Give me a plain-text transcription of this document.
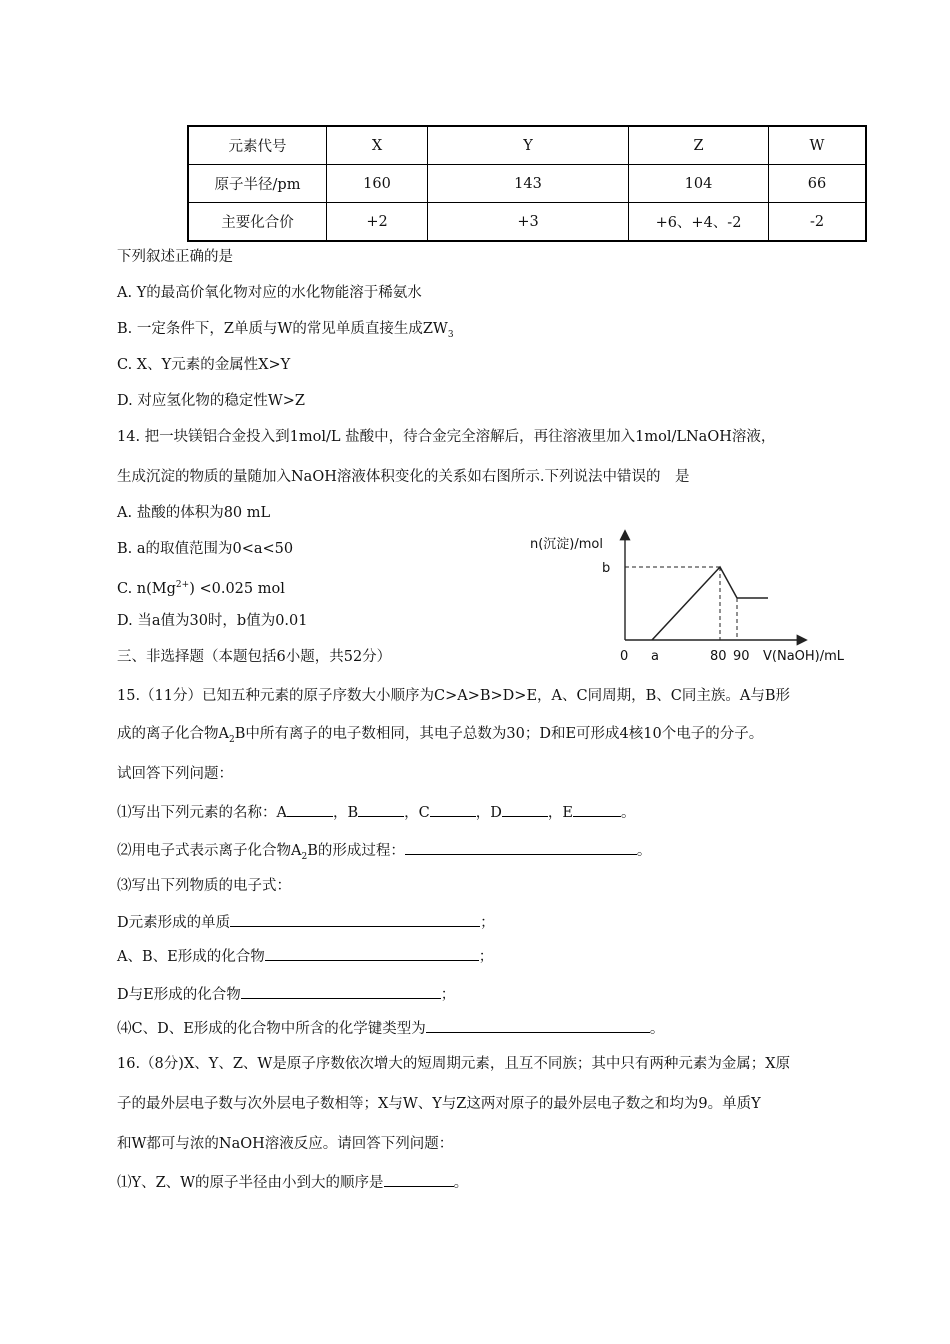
元素代号	X	Y	Z	W
原子半径/pm	160	143	104	66
主要化合价	+2	+3	+6、+4、-2	-2
下列叙述正确的是
A. Y的最高价氧化物对应的水化物能溶于稀氨水
B. 一定条件下，Z单质与W的常见单质直接生成$ZW_3$
C. X、Y元素的金属性X>Y
D. 对应氢化物的稳定性W>Z
14. 把一块镁铝合金投入到1mol/L 盐酸中，待合金完全溶解后，再往溶液里加入1mol/LNaOH溶液，
生成沉淀的物质的量随加入NaOH溶液体积变化的关系如右图所示.下列说法中错误的　是
A. 盐酸的体积为80 mL
B. a的取值范围为0<a<50
C. $n(Mg^{2+}) <0.025$ mol
D. 当a值为30时，b值为0.01
三、非选择题（本题包括6小题，共52分）
n(沉淀)/mol
b
0 a	80 90 V(NaOH)/mL
15.（11分）已知五种元素的原子序数大小顺序为C>A>B>D>E，A、C同周期，B、C同主族。A与B形
成的离子化合物$A_2B$中所有离子的电子数相同，其电子总数为30；D和E可形成4核10个电子的分子。
试回答下列问题：
⑴写出下列元素的名称：A	，B	，C	，D	，E	。
⑵用电子式表示离子化合物$A_2B$的形成过程：	。
⑶写出下列物质的电子式：
D元素形成的单质	；
A、B、E形成的化合物	；
D与E形成的化合物	；
⑷C、D、E形成的化合物中所含的化学键类型为	。
16.（8分)X、Y、Z、W是原子序数依次增大的短周期元素，且互不同族；其中只有两种元素为金属；X原
子的最外层电子数与次外层电子数相等；X与W、Y与Z这两对原子的最外层电子数之和均为9。单质Y
和W都可与浓的NaOH溶液反应。请回答下列问题：
⑴Y、Z、W的原子半径由小到大的顺序是	。
